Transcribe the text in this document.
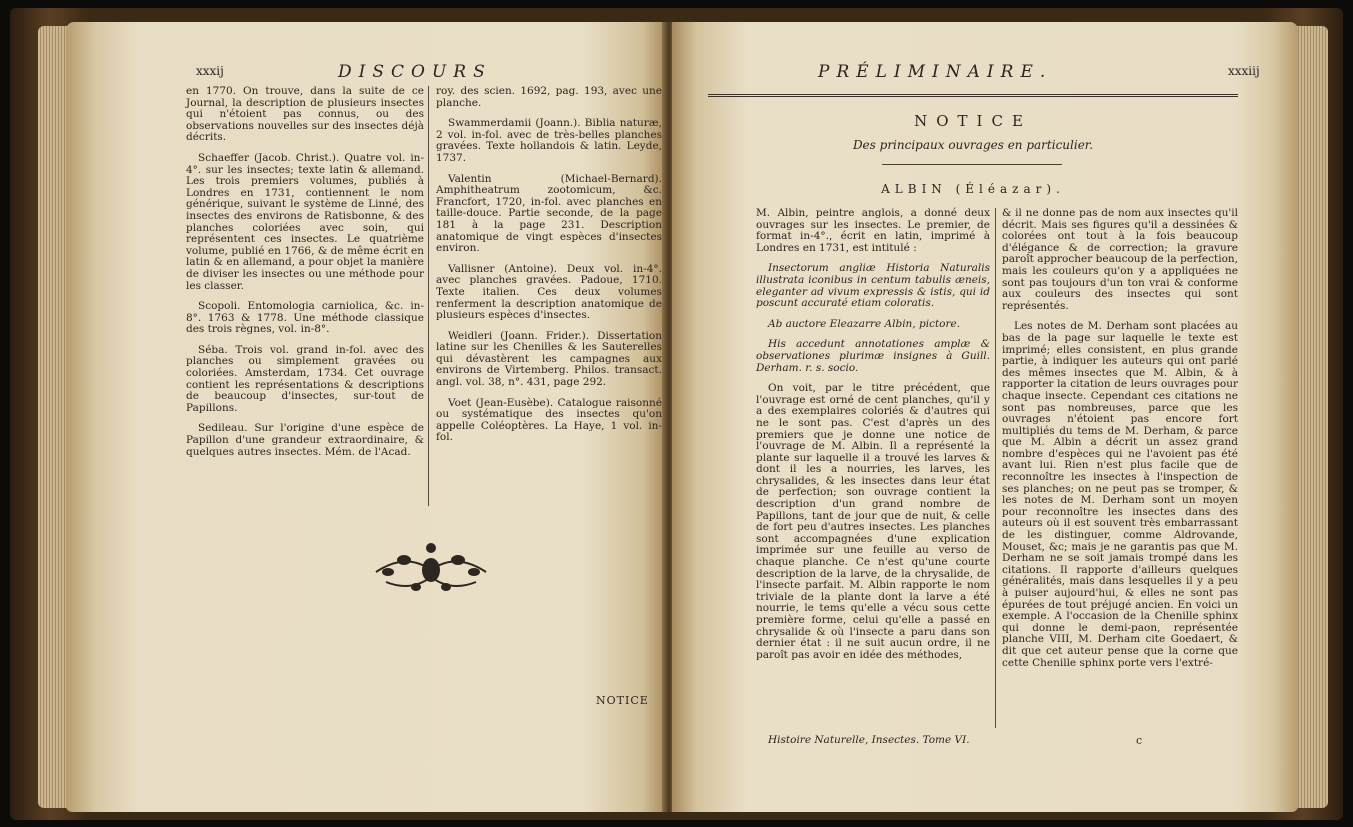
xxxij	DISCOURS

en 1770. On trouve, dans la suite de ce Journal, la description de plusieurs insectes qui n'étoient pas connus, ou des observations nouvelles sur des insectes déjà décrits.

Schaeffer (Jacob. Christ.). Quatre vol. in-4°. sur les insectes; texte latin & allemand. Les trois premiers volumes, publiés à Londres en 1731, contiennent le nom générique, suivant le système de Linné, des insectes des environs de Ratisbonne, & des planches coloriées avec soin, qui représentent ces insectes. Le quatrième volume, publié en 1766, & de même écrit en latin & en allemand, a pour objet la manière de diviser les insectes ou une méthode pour les classer.

Scopoli. Entomologia carniolica, &c. in-8°. 1763 & 1778. Une méthode classique des trois règnes, vol. in-8°.

Séba. Trois vol. grand in-fol. avec des planches ou simplement gravées ou coloriées. Amsterdam, 1734. Cet ouvrage contient les représentations & descriptions de beaucoup d'insectes, sur-tout de Papillons.

Sedileau. Sur l'origine d'une espèce de Papillon d'une grandeur extraordinaire, & quelques autres insectes. Mém. de l'Acad.

roy. des scien. 1692, pag. 193, avec une planche.

Swammerdamii (Joann.). Biblia naturæ, 2 vol. in-fol. avec de très-belles planches gravées. Texte hollandois & latin. Leyde, 1737.

Valentin (Michael-Bernard). Amphitheatrum zootomicum, &c. Francfort, 1720, in-fol. avec planches en taille-douce. Partie seconde, de la page 181 à la page 231. Description anatomique de vingt espèces d'insectes environ.

Vallisner (Antoine). Deux vol. in-4°. avec planches gravées. Padoue, 1710. Texte italien. Ces deux volumes renferment la description anatomique de plusieurs espèces d'insectes.

Weidleri (Joann. Frider.). Dissertation latine sur les Chenilles & les Sauterelles qui dévastèrent les campagnes aux environs de Virtemberg. Philos. transact. angl. vol. 38, n°. 431, page 292.

Voet (Jean-Eusèbe). Catalogue raisonné ou systématique des insectes qu'on appelle Coléoptères. La Haye, 1 vol. in-fol.

NOTICE
PRÉLIMINAIRE.	xxxiij
NOTICE
Des principaux ouvrages en particulier.
ALBIN (Éléazar).

M. Albin, peintre anglois, a donné deux ouvrages sur les insectes. Le premier, de format in-4°., écrit en latin, imprimé à Londres en 1731, est intitulé :

Insectorum angliæ Historia Naturalis illustrata iconibus in centum tabulis æneis, eleganter ad vivum expressis & istis, qui id poscunt accuraté etiam coloratis.

Ab auctore Eleazarre Albin, pictore.

His accedunt annotationes amplæ & observationes plurimæ insignes à Guill. Derham. r. s. socio.

On voit, par le titre précédent, que l'ouvrage est orné de cent planches, qu'il y a des exemplaires coloriés & d'autres qui ne le sont pas. C'est d'après un des premiers que je donne une notice de l'ouvrage de M. Albin. Il a représenté la plante sur laquelle il a trouvé les larves & dont il les a nourries, les larves, les chrysalides, & les insectes dans leur état de perfection; son ouvrage contient la description d'un grand nombre de Papillons, tant de jour que de nuit, & celle de fort peu d'autres insectes. Les planches sont accompagnées d'une explication imprimée sur une feuille au verso de chaque planche. Ce n'est qu'une courte description de la larve, de la chrysalide, de l'insecte parfait. M. Albin rapporte le nom triviale de la plante dont la larve a été nourrie, le tems qu'elle a vécu sous cette première forme, celui qu'elle a passé en chrysalide & où l'insecte a paru dans son dernier état : il ne suit aucun ordre, il ne paroît pas avoir en idée des méthodes,

& il ne donne pas de nom aux insectes qu'il décrit. Mais ses figures qu'il a dessinées & colorées ont tout à la fois beaucoup d'élégance & de correction; la gravure paroît approcher beaucoup de la perfection, mais les couleurs qu'on y a appliquées ne sont pas toujours d'un ton vrai & conforme aux couleurs des insectes qui sont représentés.

Les notes de M. Derham sont placées au bas de la page sur laquelle le texte est imprimé; elles consistent, en plus grande partie, à indiquer les auteurs qui ont parlé des mêmes insectes que M. Albin, & à rapporter la citation de leurs ouvrages pour chaque insecte. Cependant ces citations ne sont pas nombreuses, parce que les ouvrages n'étoient pas encore fort multipliés du tems de M. Derham, & parce que M. Albin a décrit un assez grand nombre d'espèces qui ne l'avoient pas été avant lui. Rien n'est plus facile que de reconnoître les insectes à l'inspection de ses planches; on ne peut pas se tromper, & les notes de M. Derham sont un moyen pour reconnoître les insectes dans des auteurs où il est souvent très embarrassant de les distinguer, comme Aldrovande, Mouset, &c; mais je ne garantis pas que M. Derham ne se soit jamais trompé dans les citations. Il rapporte d'ailleurs quelques généralités, mais dans lesquelles il y a peu à puiser aujourd'hui, & elles ne sont pas épurées de tout préjugé ancien. En voici un exemple. A l'occasion de la Chenille sphinx qui donne le demi-paon, représentée planche VIII, M. Derham cite Goedaert, & dit que cet auteur pense que la corne que cette Chenille sphinx porte vers l'extré-

Histoire Naturelle, Insectes. Tome VI.	c
